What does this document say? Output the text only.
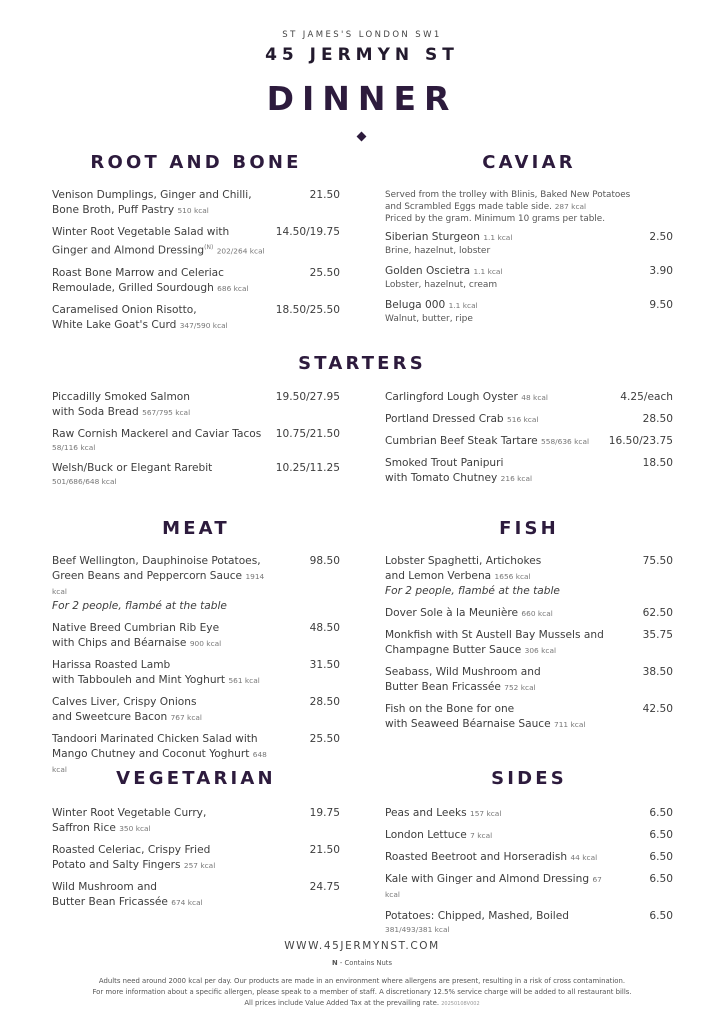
ST JAMES'S LONDON SW1
45 JERMYN ST
DINNER
ROOT AND BONE	CAVIAR
Venison Dumplings, Ginger and Chilli,
Bone Broth, Puff Pastry 510 kcal
21.50
Winter Root Vegetable Salad with
Ginger and Almond Dressing$^{(N)}$ 202/264 kcal
14.50/19.75
Roast Bone Marrow and Celeriac
Remoulade, Grilled Sourdough 686 kcal
25.50
Caramelised Onion Risotto,
White Lake Goat's Curd 347/590 kcal
18.50/25.50
Served from the trolley with Blinis, Baked New Potatoes
and Scrambled Eggs made table side. 287 kcal
Priced by the gram. Minimum 10 grams per table.
Siberian Sturgeon 1.1 kcal
Brine, hazelnut, lobster
2.50
Golden Oscietra 1.1 kcal
Lobster, hazelnut, cream
3.90
Beluga 000 1.1 kcal
Walnut, butter, ripe
9.50
STARTERS
Piccadilly Smoked Salmon
with Soda Bread 567/795 kcal
19.50/27.95
Raw Cornish Mackerel and Caviar Tacos
58/116 kcal
10.75/21.50
Welsh/Buck or Elegant Rarebit
501/686/648 kcal
10.25/11.25
Carlingford Lough Oyster 48 kcal	4.25/each
Portland Dressed Crab 516 kcal	28.50
Cumbrian Beef Steak Tartare 558/636 kcal	16.50/23.75
Smoked Trout Panipuri
with Tomato Chutney 216 kcal
18.50
MEAT	FISH
Beef Wellington, Dauphinoise Potatoes,
Green Beans and Peppercorn Sauce 1914 kcal
For 2 people, flambé at the table
98.50
Native Breed Cumbrian Rib Eye
with Chips and Béarnaise 900 kcal
48.50
Harissa Roasted Lamb
with Tabbouleh and Mint Yoghurt 561 kcal
31.50
Calves Liver, Crispy Onions
and Sweetcure Bacon 767 kcal
28.50
Tandoori Marinated Chicken Salad with
Mango Chutney and Coconut Yoghurt 648 kcal
25.50
Lobster Spaghetti, Artichokes
and Lemon Verbena 1656 kcal
For 2 people, flambé at the table
75.50
Dover Sole à la Meunière 660 kcal	62.50
Monkfish with St Austell Bay Mussels and
Champagne Butter Sauce 306 kcal
35.75
Seabass, Wild Mushroom and
Butter Bean Fricassée 752 kcal
38.50
Fish on the Bone for one
with Seaweed Béarnaise Sauce 711 kcal
42.50
VEGETARIAN	SIDES
Winter Root Vegetable Curry,
Saffron Rice 350 kcal
19.75
Roasted Celeriac, Crispy Fried
Potato and Salty Fingers 257 kcal
21.50
Wild Mushroom and
Butter Bean Fricassée 674 kcal
24.75
Peas and Leeks 157 kcal	6.50
London Lettuce 7 kcal	6.50
Roasted Beetroot and Horseradish 44 kcal	6.50
Kale with Ginger and Almond Dressing 67 kcal
6.50
Potatoes: Chipped, Mashed, Boiled
381/493/381 kcal
6.50
WWW.45JERMYNST.COM
N - Contains Nuts
Adults need around 2000 kcal per day. Our products are made in an environment where allergens are present, resulting in a risk of cross contamination.
For more information about a specific allergen, please speak to a member of staff. A discretionary 12.5% service charge will be added to all restaurant bills.
All prices include Value Added Tax at the prevailing rate. 20250108V002
